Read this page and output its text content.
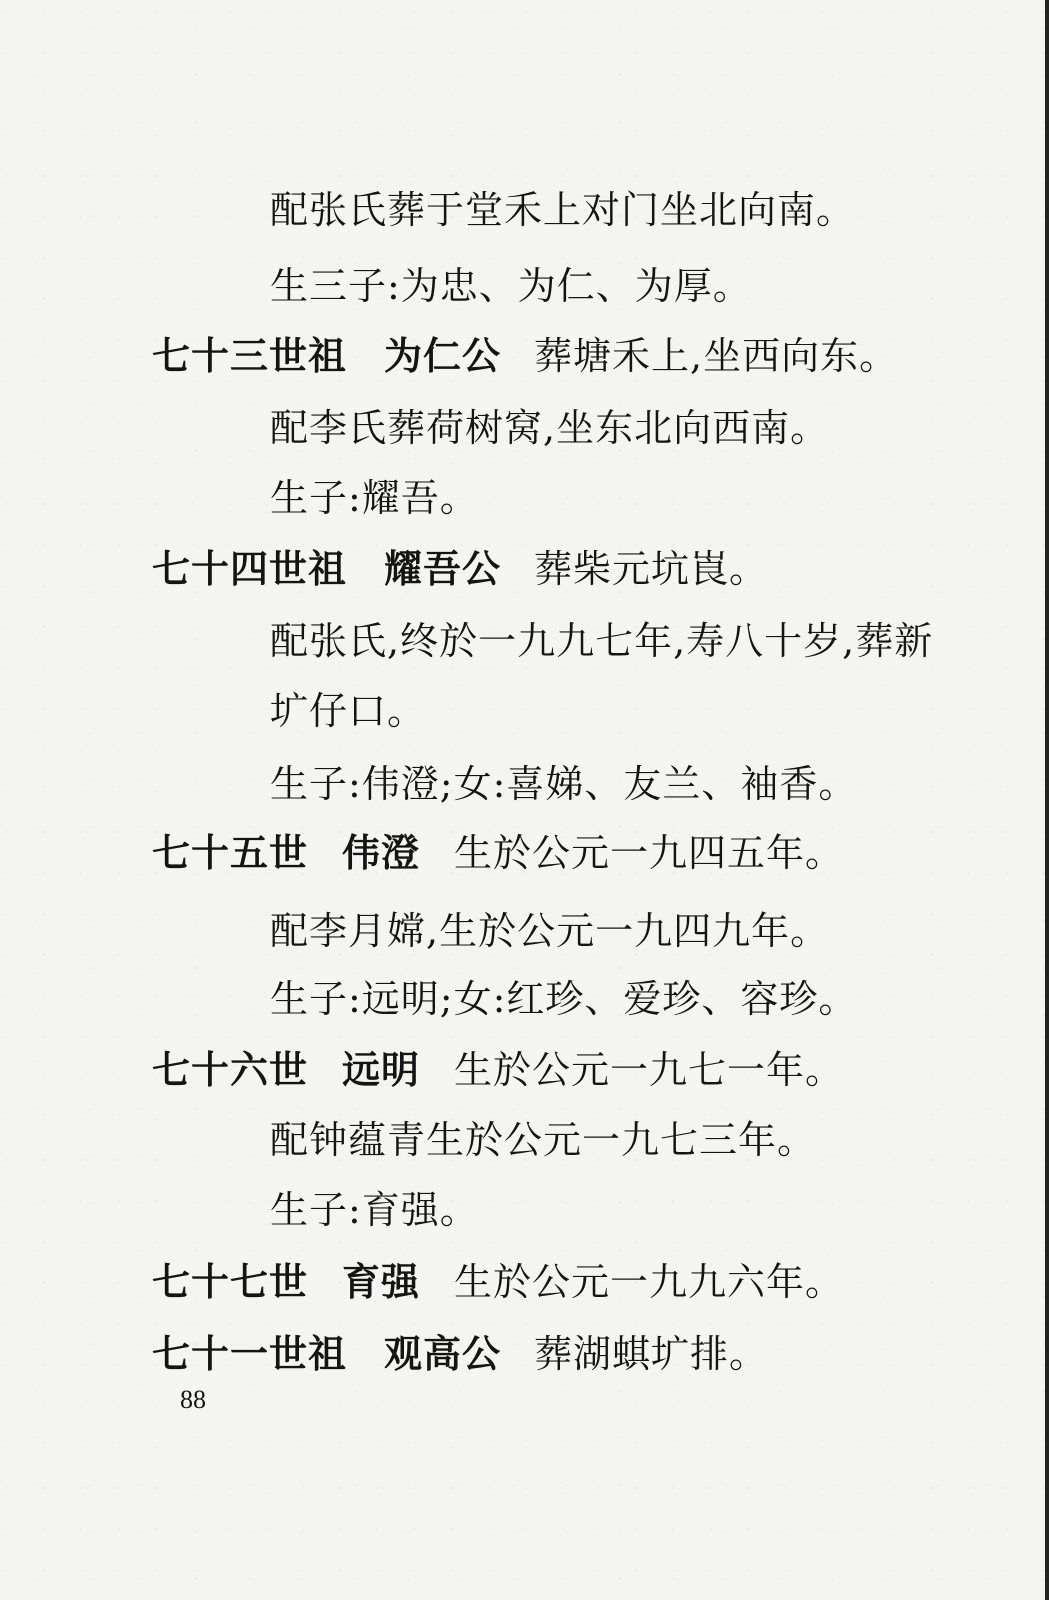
配张氏葬于堂禾上对门坐北向南。
生三子:为忠、为仁、为厚。
七十三世祖 为仁公 葬塘禾上,坐西向东。
配李氏葬荷树窝,坐东北向西南。
生子:耀吾。
七十四世祖 耀吾公 葬柴元坑崀。
配张氏,终於一九九七年,寿八十岁,葬新
圹仔口。
生子:伟澄;女:喜娣、友兰、袖香。
七十五世 伟澄 生於公元一九四五年。
配李月嫦,生於公元一九四九年。
生子:远明;女:红珍、爱珍、容珍。
七十六世 远明 生於公元一九七一年。
配钟蕴青生於公元一九七三年。
生子:育强。
七十七世 育强 生於公元一九九六年。
七十一世祖 观高公 葬湖蜞圹排。
88
